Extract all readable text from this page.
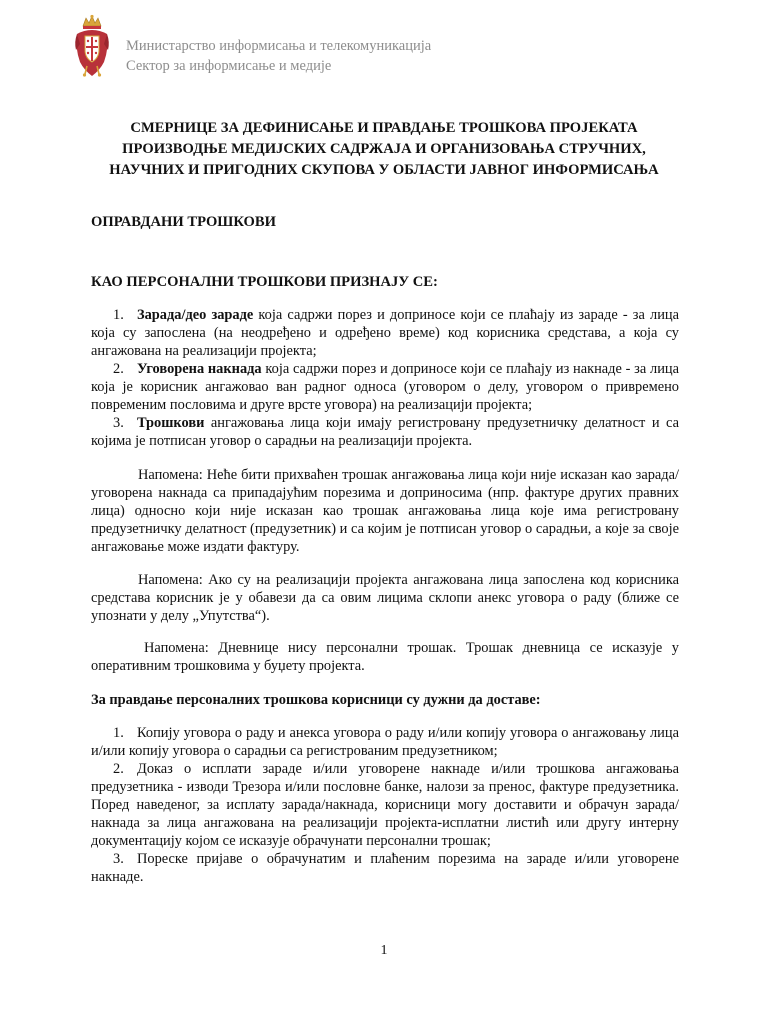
Министарство информисања и телекомуникација
Сектор за информисање и медије
СМЕРНИЦЕ ЗА ДЕФИНИСАЊЕ И ПРАВДАЊЕ ТРОШКОВА ПРОЈЕКАТА
ПРОИЗВОДЊЕ МЕДИЈСКИХ САДРЖАЈА И ОРГАНИЗОВАЊА СТРУЧНИХ,
НАУЧНИХ И ПРИГОДНИХ СКУПОВА У ОБЛАСТИ ЈАВНОГ ИНФОРМИСАЊА
ОПРАВДАНИ ТРОШКОВИ
КАО ПЕРСОНАЛНИ ТРОШКОВИ ПРИЗНАЈУ СЕ:
1. Зарада/део зараде која садржи порез и доприносе који се плаћају из зараде - за лица која су запослена (на неодређено и одређено време) код корисника средстава, а која су ангажована на реализацији пројекта;
2. Уговорена накнада која садржи порез и доприносе који се плаћају из накнаде - за лица која је корисник ангажовао ван радног односа (уговором о делу, уговором о привремено повременим пословима и друге врсте уговора) на реализацији пројекта;
3. Трошкови ангажовања лица који имају регистровану предузетничку делатност и са којима је потписан уговор о сарадњи на реализацији пројекта.
Напомена: Неће бити прихваћен трошак ангажовања лица који није исказан као зарада/уговорена накнада са припадајућим порезима и доприносима (нпр. фактуре других правних лица) односно који није исказан као трошак ангажовања лица које има регистровану предузетничку делатност (предузетник) и са којим је потписан уговор о сарадњи, а које за своје ангажовање може издати фактуру.
Напомена: Ако су на реализацији пројекта ангажована лица запослена код корисника средстава корисник је у обавези да са овим лицима склопи анекс уговора о раду (ближе се упознати у делу „Упутства“).
Напомена: Дневнице нису персонални трошак. Трошак дневница се исказује у оперативним трошковима у буџету пројекта.
За правдање персоналних трошкова корисници су дужни да доставе:
1. Копију уговора о раду и анекса уговора о раду и/или копију уговора о ангажовању лица и/или копију уговора о сарадњи са регистрованим предузетником;
2. Доказ о исплати зараде и/или уговорене накнаде и/или трошкова ангажовања предузетника - изводи Трезора и/или пословне банке, налози за пренос, фактуре предузетника. Поред наведеног, за исплату зарада/накнада, корисници могу доставити и обрачун зарада/накнада за лица ангажована на реализацији пројекта-исплатни листић или другу интерну документацију којом се исказује обрачунати персонални трошак;
3. Пореске пријаве о обрачунатим и плаћеним порезима на зараде и/или уговорене накнаде.
1
